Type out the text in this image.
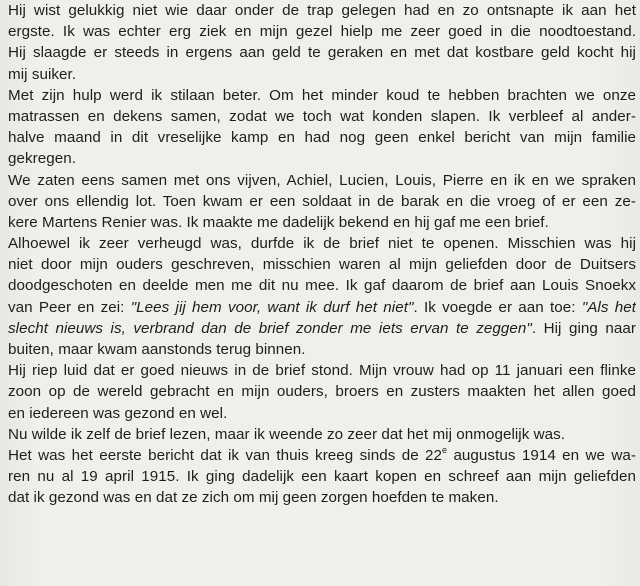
Hij wist gelukkig niet wie daar onder de trap gelegen had en zo ontsnapte ik aan het
ergste. Ik was echter erg ziek en mijn gezel hielp me zeer goed in die noodtoestand.
Hij slaagde er steeds in ergens aan geld te geraken en met dat kostbare geld kocht hij
mij suiker.
Met zijn hulp werd ik stilaan beter. Om het minder koud te hebben brachten we onze
matrassen en dekens samen, zodat we toch wat konden slapen. Ik verbleef al ander-
halve maand in dit vreselijke kamp en had nog geen enkel bericht van mijn familie
gekregen.
We zaten eens samen met ons vijven, Achiel, Lucien, Louis, Pierre en ik en we spraken
over ons ellendig lot. Toen kwam er een soldaat in de barak en die vroeg of er een ze-
kere Martens Renier was. Ik maakte me dadelijk bekend en hij gaf me een brief.
Alhoewel ik zeer verheugd was, durfde ik de brief niet te openen. Misschien was hij
niet door mijn ouders geschreven, misschien waren al mijn geliefden door de Duitsers
doodgeschoten en deelde men me dit nu mee. Ik gaf daarom de brief aan Louis Snoekx
van Peer en zei: "Lees jij hem voor, want ik durf het niet". Ik voegde er aan toe: "Als het
slecht nieuws is, verbrand dan de brief zonder me iets ervan te zeggen". Hij ging naar
buiten, maar kwam aanstonds terug binnen.
Hij riep luid dat er goed nieuws in de brief stond. Mijn vrouw had op 11 januari een flinke
zoon op de wereld gebracht en mijn ouders, broers en zusters maakten het allen goed
en iedereen was gezond en wel.
Nu wilde ik zelf de brief lezen, maar ik weende zo zeer dat het mij onmogelijk was.
Het was het eerste bericht dat ik van thuis kreeg sinds de 22e augustus 1914 en we wa-
ren nu al 19 april 1915. Ik ging dadelijk een kaart kopen en schreef aan mijn geliefden
dat ik gezond was en dat ze zich om mij geen zorgen hoefden te maken.
